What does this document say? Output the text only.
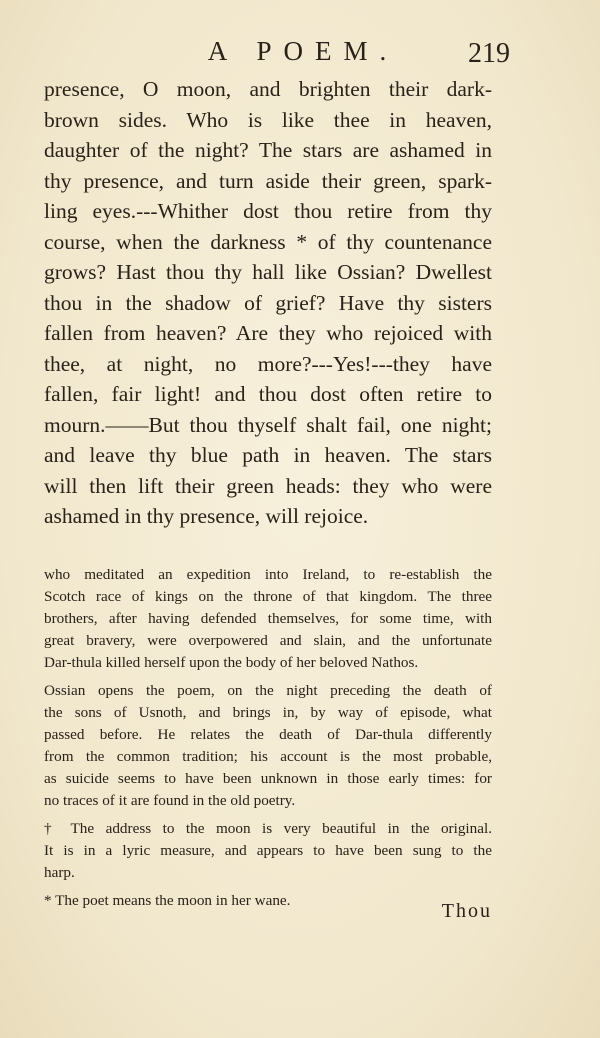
A POEM.	219
presence, O moon, and brighten their dark-
brown sides. Who is like thee in heaven,
daughter of the night? The stars are ashamed in
thy presence, and turn aside their green, spark-
ling eyes.---Whither dost thou retire from thy
course, when the darkness * of thy countenance
grows? Hast thou thy hall like Ossian? Dwellest
thou in the shadow of grief? Have thy sisters
fallen from heaven? Are they who rejoiced with
thee, at night, no more?---Yes!---they have
fallen, fair light! and thou dost often retire to
mourn.——But thou thyself shalt fail, one night;
and leave thy blue path in heaven. The stars
will then lift their green heads: they who were
ashamed in thy presence, will rejoice.
who meditated an expedition into Ireland, to re-establish the
Scotch race of kings on the throne of that kingdom. The three
brothers, after having defended themselves, for some time, with
great bravery, were overpowered and slain, and the unfortunate
Dar-thula killed herself upon the body of her beloved Nathos.
Ossian opens the poem, on the night preceding the death of
the sons of Usnoth, and brings in, by way of episode, what
passed before. He relates the death of Dar-thula differently
from the common tradition; his account is the most probable,
as suicide seems to have been unknown in those early times: for
no traces of it are found in the old poetry.
† The address to the moon is very beautiful in the original.
It is in a lyric measure, and appears to have been sung to the
harp.
* The poet means the moon in her wane.	Thou
